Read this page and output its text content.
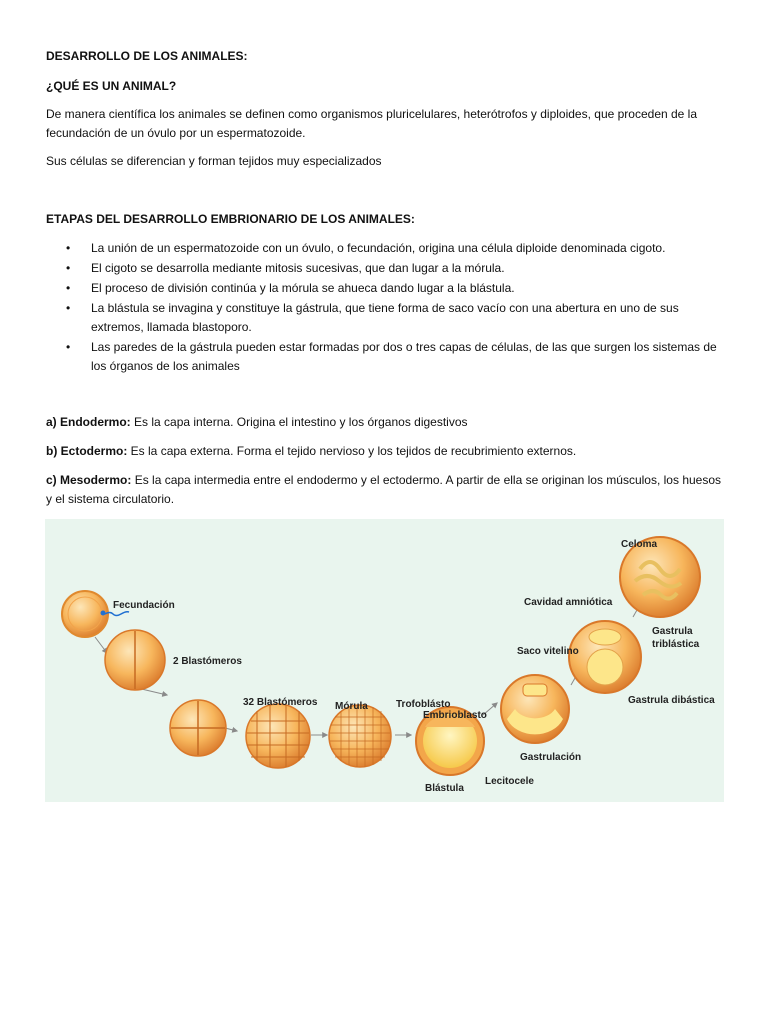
DESARROLLO DE LOS ANIMALES:

¿QUÉ ES UN ANIMAL?

De manera científica los animales se definen como organismos pluricelulares, heterótrofos y diploides, que proceden de la fecundación de un óvulo por un espermatozoide.

Sus células se diferencian y forman tejidos muy especializados

ETAPAS DEL DESARROLLO EMBRIONARIO DE LOS ANIMALES:

• La unión de un espermatozoide con un óvulo, o fecundación, origina una célula diploide denominada cigoto.
• El cigoto se desarrolla mediante mitosis sucesivas, que dan lugar a la mórula.
• El proceso de división continúa y la mórula se ahueca dando lugar a la blástula.
• La blástula se invagina y constituye la gástrula, que tiene forma de saco vacío con una abertura en uno de sus extremos, llamada blastoporo.
• Las paredes de la gástrula pueden estar formadas por dos o tres capas de células, de las que surgen los sistemas de los órganos de los animales

a) Endodermo: Es la capa interna. Origina el intestino y los órganos digestivos

b) Ectodermo: Es la capa externa. Forma el tejido nervioso y los tejidos de recubrimiento externos.

c) Mesodermo: Es la capa intermedia entre el endodermo y el ectodermo. A partir de ella se originan los músculos, los huesos y el sistema circulatorio.

Fecundación
2 Blastómeros
32 Blastómeros Mórula	Trofoblásto
Embrioblasto
Blástula
Lecitocele
Gastrulación
Saco vitelino
Gastrula dibástica
Cavidad amniótica
Gastrula
triblástica
Celoma
